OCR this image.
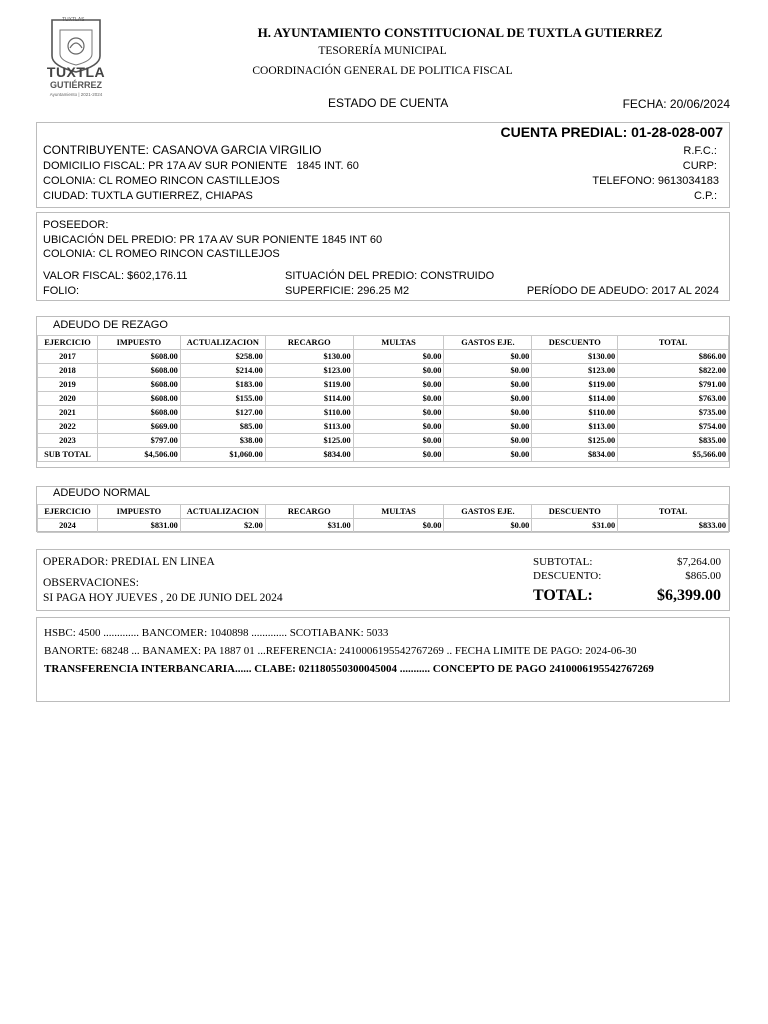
TUXTLAS
TUXTLA
GUTIÉRREZ
Ayuntamiento | 2021-2024
H. AYUNTAMIENTO CONSTITUCIONAL DE TUXTLA GUTIERREZ
TESORERÍA MUNICIPAL
COORDINACIÓN GENERAL DE POLITICA FISCAL
ESTADO DE CUENTA	FECHA: 20/06/2024
CUENTA PREDIAL: 01-28-028-007
CONTRIBUYENTE: CASANOVA GARCIA VIRGILIO
DOMICILIO FISCAL: PR 17A AV SUR PONIENTE   1845 INT. 60
COLONIA: CL ROMEO RINCON CASTILLEJOS
CIUDAD: TUXTLA GUTIERREZ, CHIAPAS
R.F.C.:
CURP:
TELEFONO: 9613034183
C.P.:
POSEEDOR:
UBICACIÓN DEL PREDIO: PR 17A AV SUR PONIENTE 1845 INT 60
COLONIA: CL ROMEO RINCON CASTILLEJOS
VALOR FISCAL: $602,176.11
FOLIO:
SITUACIÓN DEL PREDIO: CONSTRUIDO
SUPERFICIE: 296.25 M2	PERÍODO DE ADEUDO: 2017 AL 2024
ADEUDO DE REZAGO
EJERCICIO	IMPUESTO	ACTUALIZACION	RECARGO	MULTAS	GASTOS EJE.	DESCUENTO	TOTAL
2017	$608.00	$258.00	$130.00	$0.00	$0.00	$130.00	$866.00
2018	$608.00	$214.00	$123.00	$0.00	$0.00	$123.00	$822.00
2019	$608.00	$183.00	$119.00	$0.00	$0.00	$119.00	$791.00
2020	$608.00	$155.00	$114.00	$0.00	$0.00	$114.00	$763.00
2021	$608.00	$127.00	$110.00	$0.00	$0.00	$110.00	$735.00
2022	$669.00	$85.00	$113.00	$0.00	$0.00	$113.00	$754.00
2023	$797.00	$38.00	$125.00	$0.00	$0.00	$125.00	$835.00
SUB TOTAL	$4,506.00	$1,060.00	$834.00	$0.00	$0.00	$834.00	$5,566.00
ADEUDO NORMAL
EJERCICIO	IMPUESTO	ACTUALIZACION	RECARGO	MULTAS	GASTOS EJE.	DESCUENTO	TOTAL
2024	$831.00	$2.00	$31.00	$0.00	$0.00	$31.00	$833.00
OPERADOR: PREDIAL EN LINEA
OBSERVACIONES:
SI PAGA HOY JUEVES , 20 DE JUNIO DEL 2024
SUBTOTAL:	$7,264.00
DESCUENTO:	$865.00
TOTAL:	$6,399.00
HSBC: 4500 ............. BANCOMER: 1040898 ............. SCOTIABANK: 5033
BANORTE: 68248 ... BANAMEX: PA 1887 01 ...REFERENCIA: 2410006195542767269 .. FECHA LIMITE DE PAGO: 2024-06-30
TRANSFERENCIA INTERBANCARIA...... CLABE: 021180550300045004 ........... CONCEPTO DE PAGO 2410006195542767269
